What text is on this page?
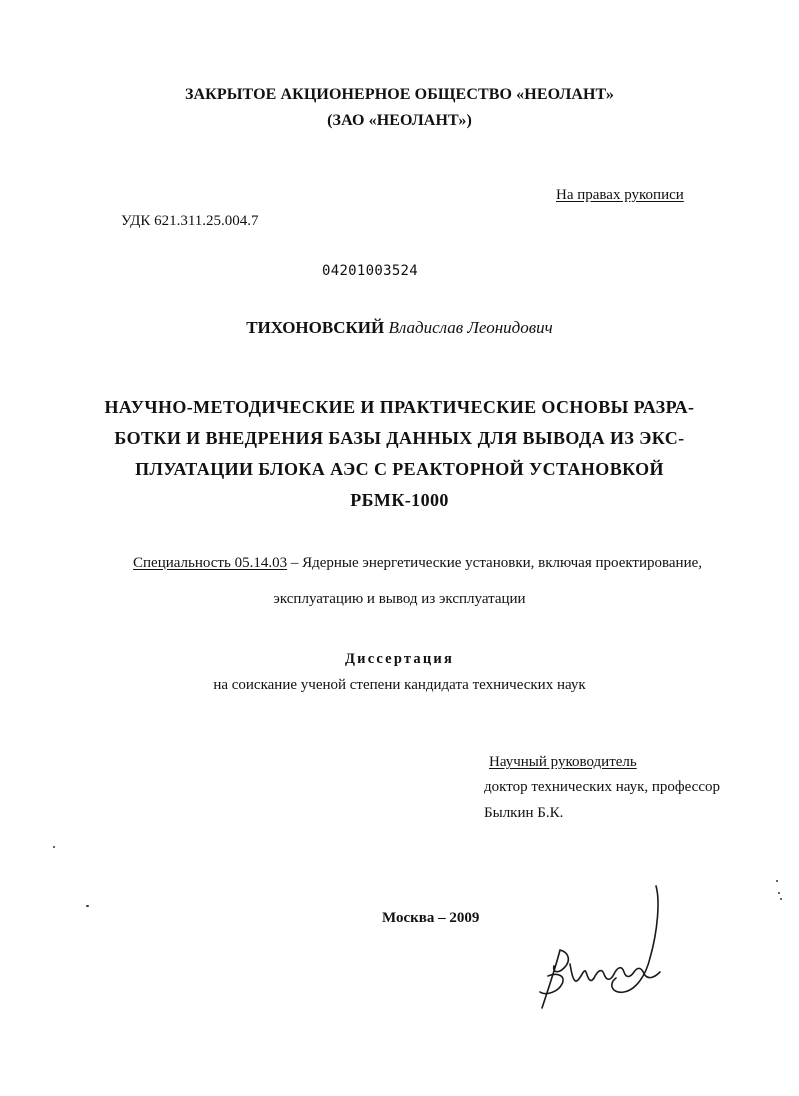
ЗАКРЫТОЕ АКЦИОНЕРНОЕ ОБЩЕСТВО «НЕОЛАНТ»

(ЗАО «НЕОЛАНТ»)

На правах рукописи

УДК 621.311.25.004.7

04201003524

ТИХОНОВСКИЙ Владислав Леонидович

НАУЧНО-МЕТОДИЧЕСКИЕ И ПРАКТИЧЕСКИЕ ОСНОВЫ РАЗРА-

БОТКИ И ВНЕДРЕНИЯ БАЗЫ ДАННЫХ ДЛЯ ВЫВОДА ИЗ ЭКС-

ПЛУАТАЦИИ БЛОКА АЭС С РЕАКТОРНОЙ УСТАНОВКОЙ

РБМК-1000

Специальность 05.14.03 – Ядерные энергетические установки, включая проектирование,

эксплуатацию и вывод из эксплуатации

Диссертация

на соискание ученой степени кандидата технических наук

Научный руководитель

доктор технических наук, профессор

Былкин Б.К.

Москва – 2009
